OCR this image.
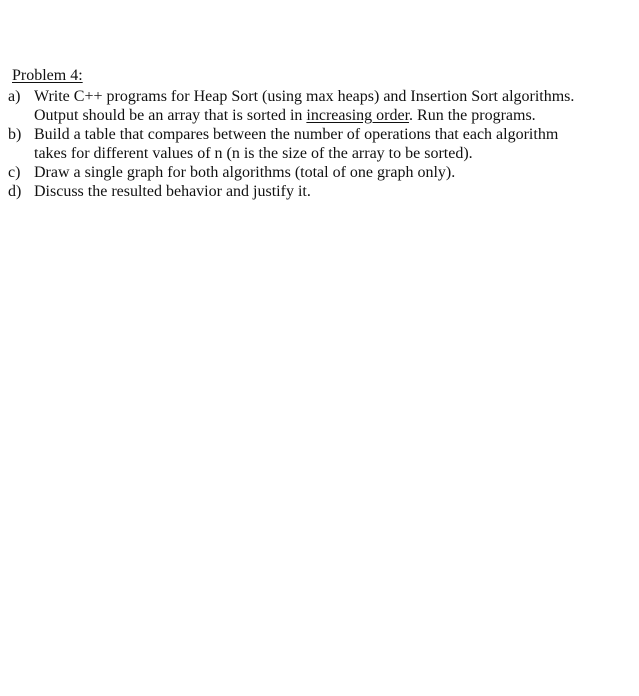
Problem 4:
a) Write C++ programs for Heap Sort (using max heaps) and Insertion Sort algorithms.
Output should be an array that is sorted in increasing order. Run the programs.
b) Build a table that compares between the number of operations that each algorithm
takes for different values of n (n is the size of the array to be sorted).
c) Draw a single graph for both algorithms (total of one graph only).
d) Discuss the resulted behavior and justify it.
